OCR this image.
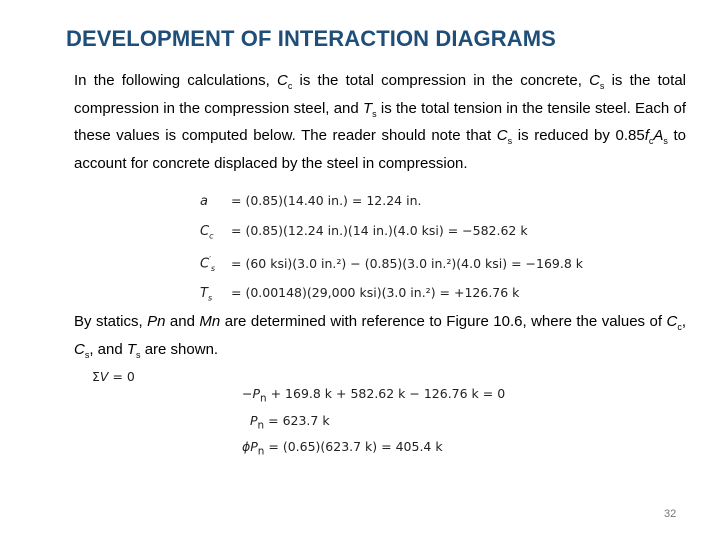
DEVELOPMENT OF INTERACTION DIAGRAMS
In the following calculations, $C_c$ is the total compression in the concrete, $C_s$ is the total compression in the compression steel, and $T_s$ is the total tension in the tensile steel. Each of these values is computed below. The reader should note that $C_s$ is reduced by $0.85f_cA_s$ to account for concrete displaced by the steel in compression.
a	= (0.85)(14.40 in.) = 12.24 in.
$C_c$	= (0.85)(12.24 in.)(14 in.)(4.0 ksi) = −582.62 k
$C'_s$	= (60 ksi)(3.0 in.²) − (0.85)(3.0 in.²)(4.0 ksi) = −169.8 k
$T_s$	= (0.00148)(29,000 ksi)(3.0 in.²) = +126.76 k
By statics, Pn and Mn are determined with reference to Figure 10.6, where the values of $C_c$, $C_s$, and $T_s$ are shown.
ΣV = 0
$-P_n + 169.8$ k + 582.62 k − 126.76 k = 0
$P_n = 623.7$ k
$\phi P_n = (0.65)(623.7$ k) = 405.4 k
32
